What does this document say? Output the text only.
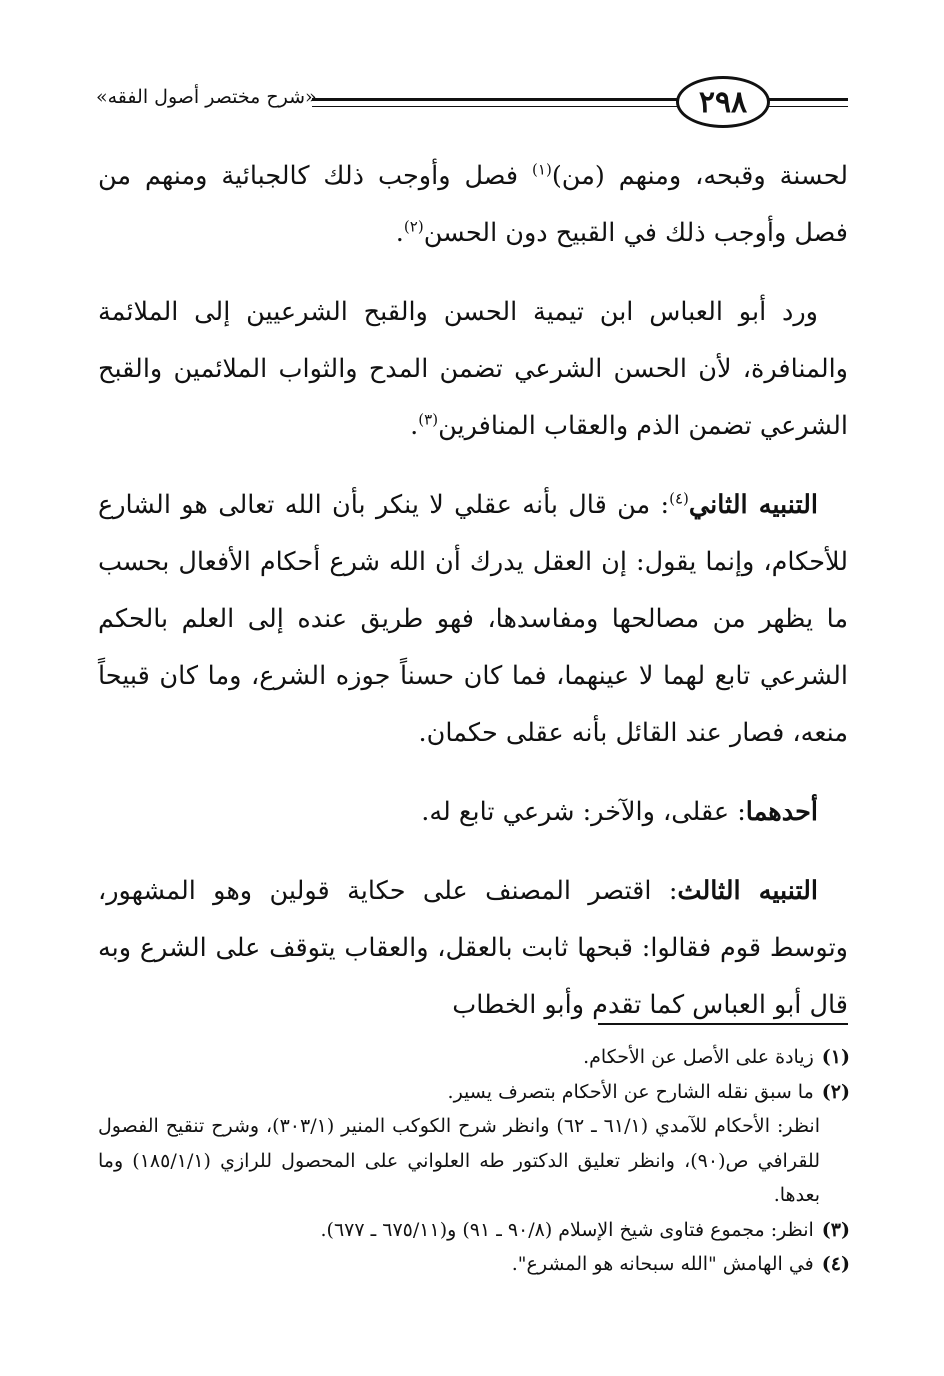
٢٩٨
«شرح مختصر أصول الفقه»

لحسنة وقبحه، ومنهم (من)$^{(١)}$ فصل وأوجب ذلك كالجبائية ومنهم من فصل وأوجب ذلك في القبيح دون الحسن$^{(٢)}$.

ورد أبو العباس ابن تيمية الحسن والقبح الشرعيين إلى الملائمة والمنافرة، لأن الحسن الشرعي تضمن المدح والثواب الملائمين والقبح الشرعي تضمن الذم والعقاب المنافرين$^{(٣)}$.

التنبيه الثاني$^{(٤)}$: من قال بأنه عقلي لا ينكر بأن الله تعالى هو الشارع للأحكام، وإنما يقول: إن العقل يدرك أن الله شرع أحكام الأفعال بحسب ما يظهر من مصالحها ومفاسدها، فهو طريق عنده إلى العلم بالحكم الشرعي تابع لهما لا عينهما، فما كان حسناً جوزه الشرع، وما كان قبيحاً منعه، فصار عند القائل بأنه عقلى حكمان.

أحدهما: عقلى، والآخر: شرعي تابع له.

التنبيه الثالث: اقتصر المصنف على حكاية قولين وهو المشهور، وتوسط قوم فقالوا: قبحها ثابت بالعقل، والعقاب يتوقف على الشرع وبه قال أبو العباس كما تقدم وأبو الخطاب

(١)زيادة على الأصل عن الأحكام.

(٢)ما سبق نقله الشارح عن الأحكام بتصرف يسير.

انظر: الأحكام للآمدي (٦١/١ ـ ٦٢) وانظر شرح الكوكب المنير (٣٠٣/١)، وشرح تنقيح الفصول للقرافي ص(٩٠)، وانظر تعليق الدكتور طه العلواني على المحصول للرازي (١٨٥/١/١) وما بعدها.

(٣)انظر: مجموع فتاوى شيخ الإسلام (٩٠/٨ ـ ٩١) و(٦٧٥/١١ ـ ٦٧٧).

(٤)في الهامش "الله سبحانه هو المشرع".
